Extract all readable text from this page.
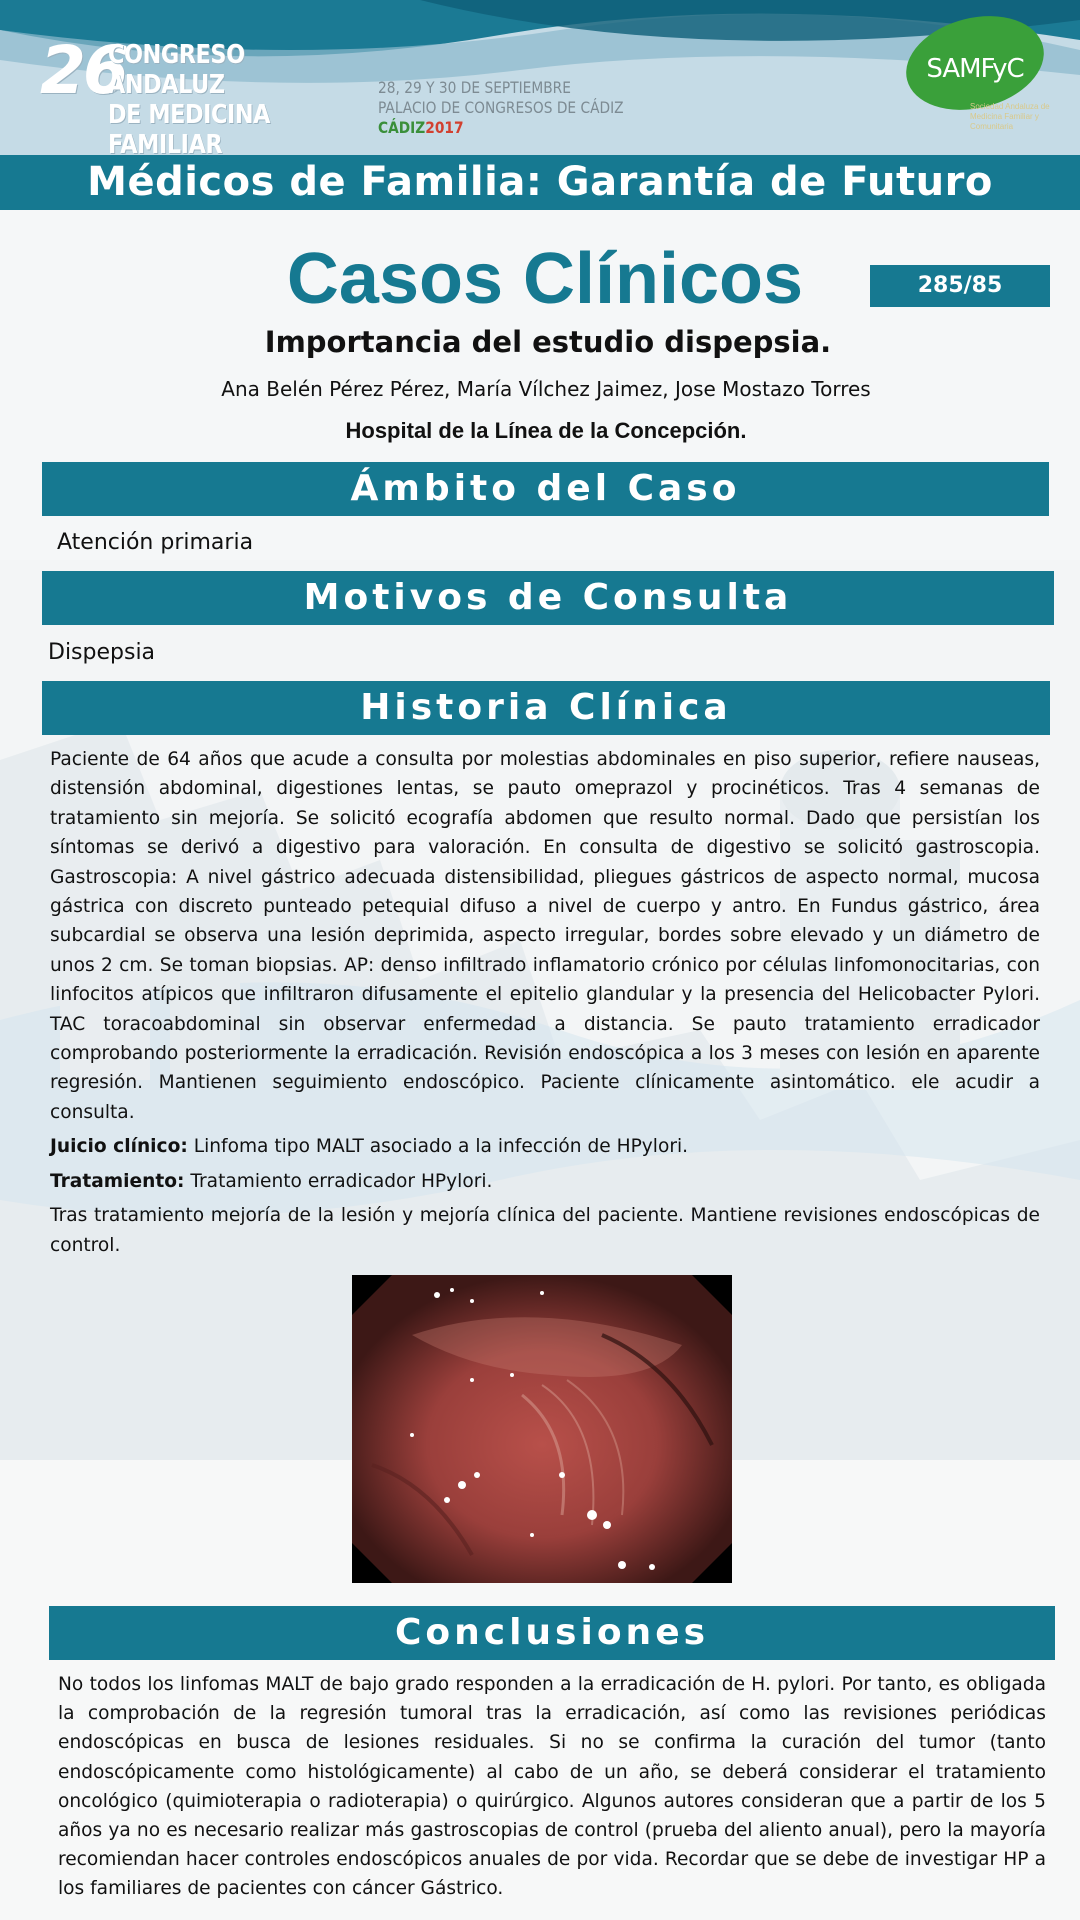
26
CONGRESO ANDALUZ
DE MEDICINA FAMILIAR
28, 29 Y 30 DE SEPTIEMBRE
PALACIO DE CONGRESOS DE CÁDIZ
CÁDIZ2017
SAMFyC
Sociedad Andaluza de Medicina Familiar y Comunitaria
Médicos de Familia: Garantía de Futuro
Casos Clínicos	285/85
Importancia del estudio dispepsia.
Ana Belén Pérez Pérez, María Vílchez Jaimez, Jose Mostazo Torres
Hospital de la Línea de la Concepción.
Ámbito del Caso
Atención primaria
Motivos de Consulta
Dispepsia
Historia Clínica

Paciente de 64 años que acude a consulta por molestias abdominales en piso superior, refiere nauseas, distensión abdominal, digestiones lentas, se pauto omeprazol y procinéticos. Tras 4 semanas de tratamiento sin mejoría. Se solicitó ecografía abdomen que resulto normal. Dado que persistían los síntomas se derivó a digestivo para valoración. En consulta de digestivo se solicitó gastroscopia. Gastroscopia: A nivel gástrico adecuada distensibilidad, pliegues gástricos de aspecto normal, mucosa gástrica con discreto punteado petequial difuso a nivel de cuerpo y antro. En Fundus gástrico, área subcardial se observa una lesión deprimida, aspecto irregular, bordes sobre elevado y un diámetro de unos 2 cm. Se toman biopsias. AP: denso infiltrado inflamatorio crónico por células linfomonocitarias, con linfocitos atípicos que infiltraron difusamente el epitelio glandular y la presencia del Helicobacter Pylori. TAC toracoabdominal sin observar enfermedad a distancia. Se pauto tratamiento erradicador comprobando posteriormente la erradicación. Revisión endoscópica a los 3 meses con lesión en aparente regresión. Mantienen seguimiento endoscópico. Paciente clínicamente asintomático. ele acudir a consulta.

Juicio clínico: Linfoma tipo MALT asociado a la infección de HPylori.

Tratamiento: Tratamiento erradicador HPylori.

Tras tratamiento mejoría de la lesión y mejoría clínica del paciente. Mantiene revisiones endoscópicas de control.

Conclusiones
No todos los linfomas MALT de bajo grado responden a la erradicación de H. pylori. Por tanto, es obligada la comprobación de la regresión tumoral tras la erradicación, así como las revisiones periódicas endoscópicas en busca de lesiones residuales. Si no se confirma la curación del tumor (tanto endoscópicamente como histológicamente) al cabo de un año, se deberá considerar el tratamiento oncológico (quimioterapia o radioterapia) o quirúrgico. Algunos autores consideran que a partir de los 5 años ya no es necesario realizar más gastroscopias de control (prueba del aliento anual), pero la mayoría recomiendan hacer controles endoscópicos anuales de por vida. Recordar que se debe de investigar HP a los familiares de pacientes con cáncer Gástrico.
